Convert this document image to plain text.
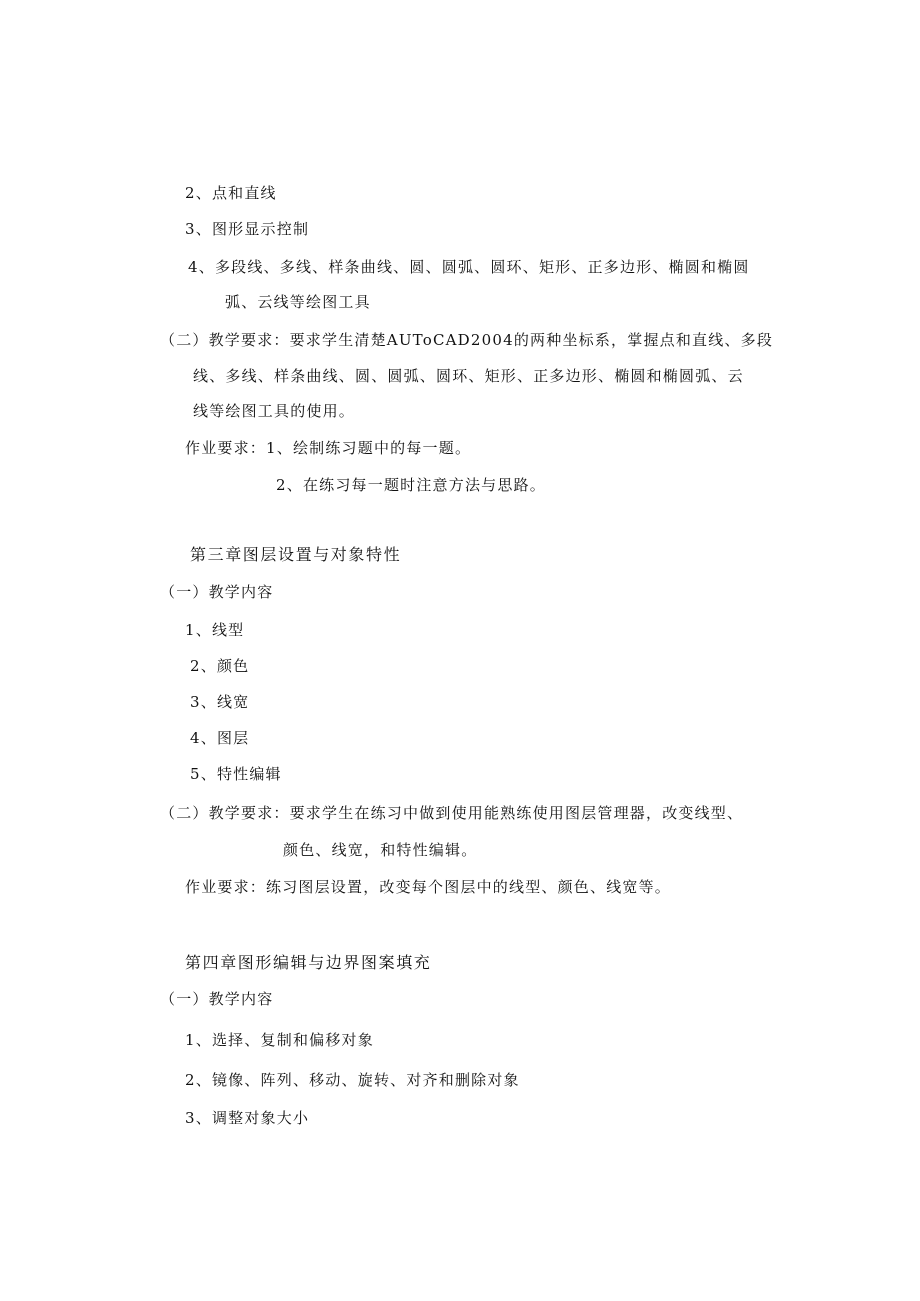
2、点和直线
3、图形显示控制
4、多段线、多线、样条曲线、圆、圆弧、圆环、矩形、正多边形、椭圆和椭圆
弧、云线等绘图工具
（二）教学要求：要求学生清楚AUToCAD2004的两种坐标系，掌握点和直线、多段
线、多线、样条曲线、圆、圆弧、圆环、矩形、正多边形、椭圆和椭圆弧、云
线等绘图工具的使用。
作业要求：1、绘制练习题中的每一题。
2、在练习每一题时注意方法与思路。
第三章图层设置与对象特性
（一）教学内容
1、线型
2、颜色
3、线宽
4、图层
5、特性编辑
（二）教学要求：要求学生在练习中做到使用能熟练使用图层管理器，改变线型、
颜色、线宽，和特性编辑。
作业要求：练习图层设置，改变每个图层中的线型、颜色、线宽等。
第四章图形编辑与边界图案填充
（一）教学内容
1、选择、复制和偏移对象
2、镜像、阵列、移动、旋转、对齐和删除对象
3、调整对象大小
